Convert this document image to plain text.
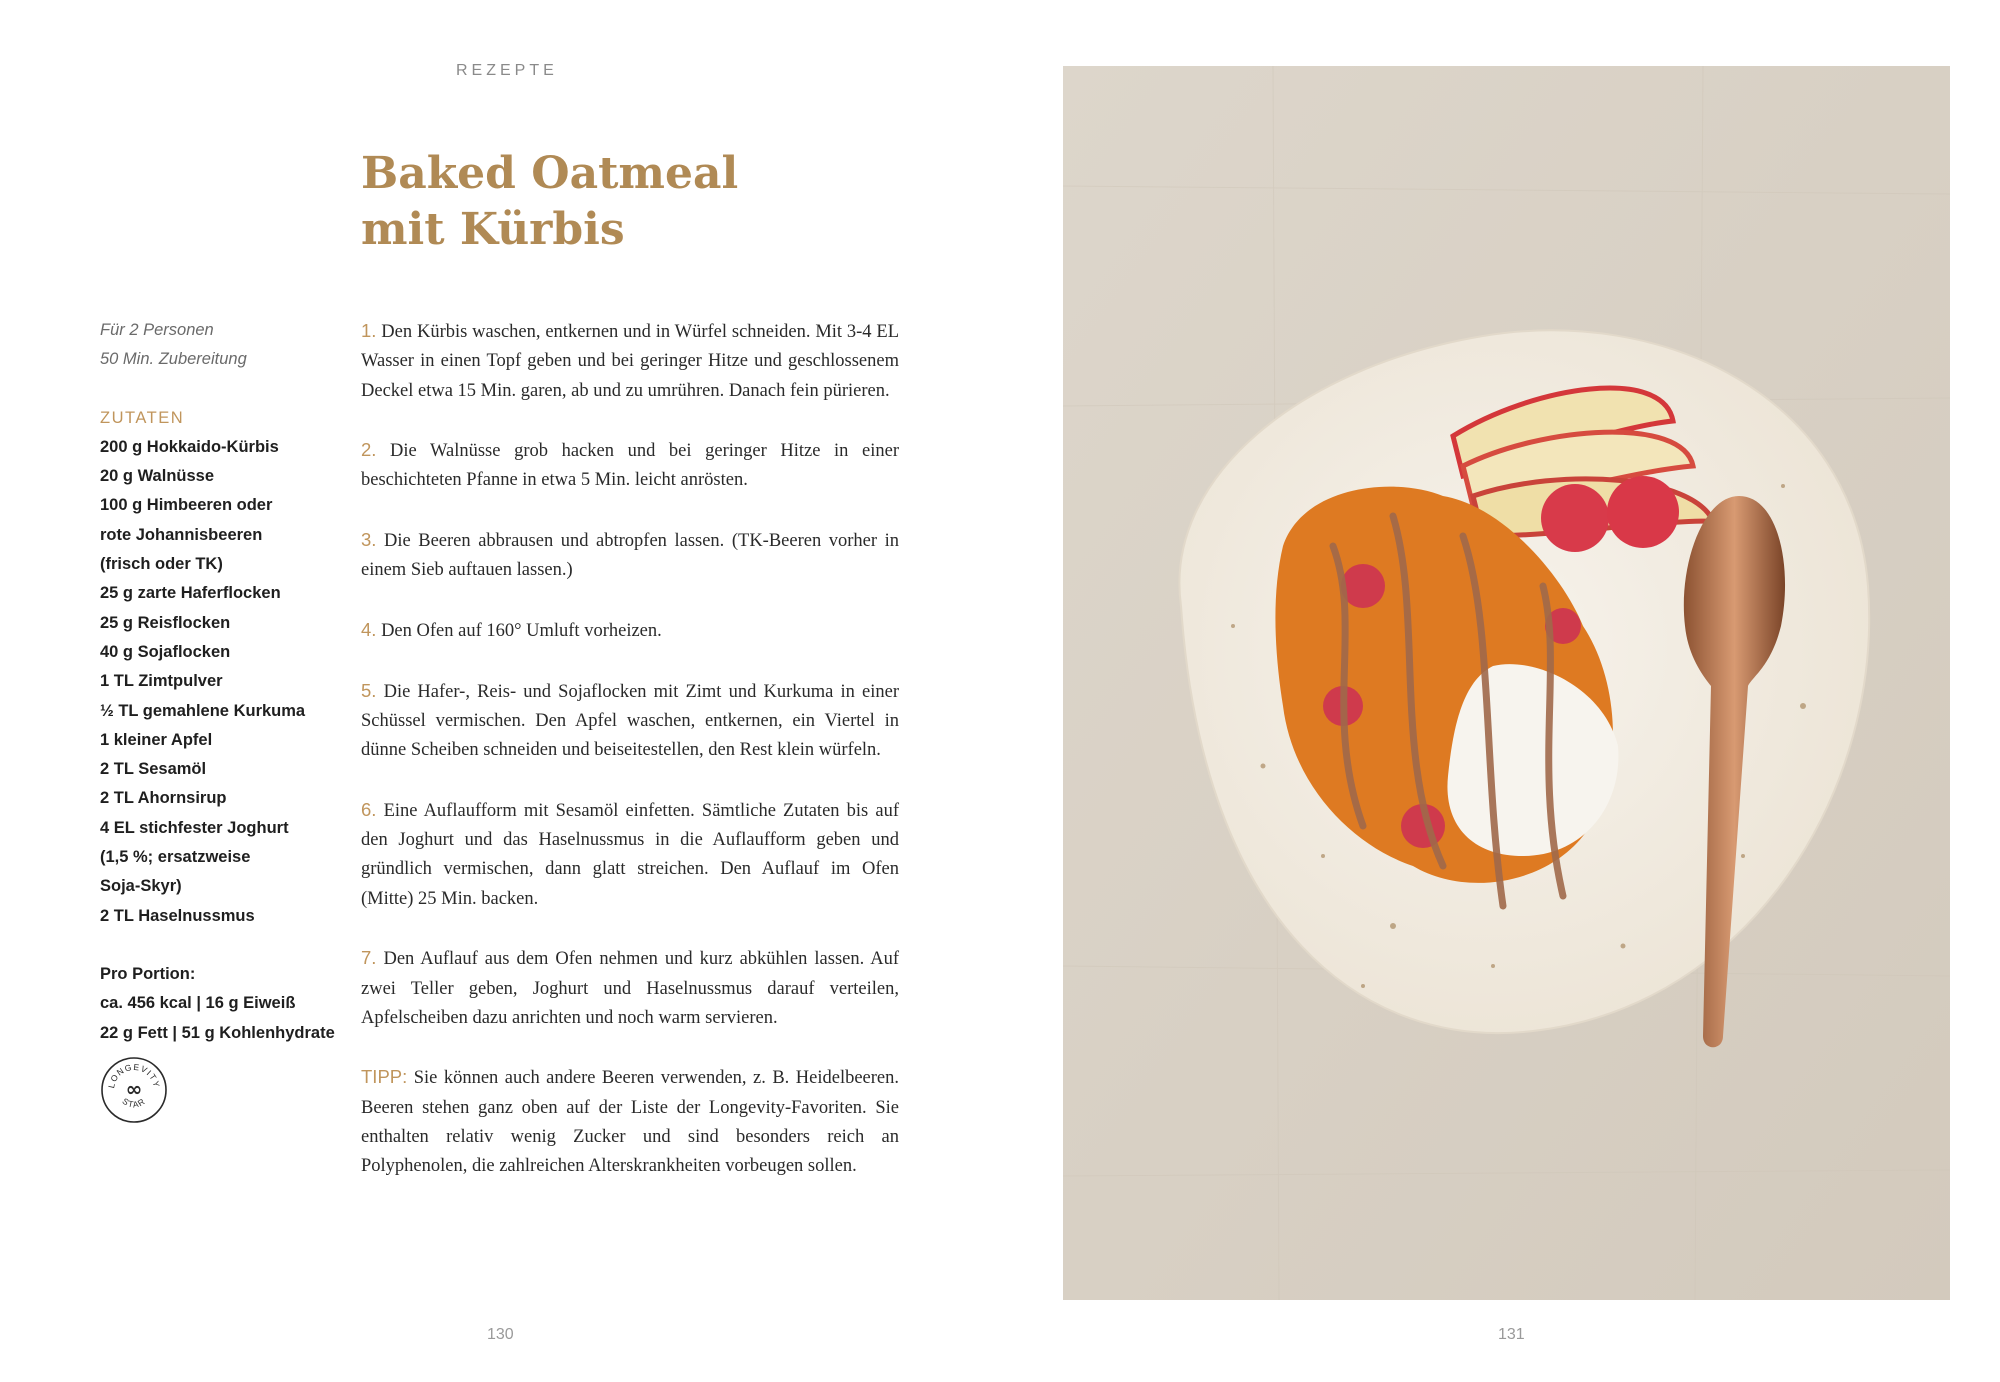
REZEPTE
Baked Oatmeal
mit Kürbis
Für 2 Personen
50 Min. Zubereitung
ZUTATEN
200 g Hokkaido-Kürbis
20 g Walnüsse
100 g Himbeeren oder
rote Johannisbeeren
(frisch oder TK)
25 g zarte Haferflocken
25 g Reisflocken
40 g Sojaflocken
1 TL Zimtpulver
½ TL gemahlene Kurkuma
1 kleiner Apfel
2 TL Sesamöl
2 TL Ahornsirup
4 EL stichfester Joghurt
(1,5 %; ersatzweise
Soja-Skyr)
2 TL Haselnussmus
Pro Portion:
ca. 456 kcal | 16 g Eiweiß
22 g Fett | 51 g Kohlenhydrate
LONGEVITY
∞
STAR

1. Den Kürbis waschen, entkernen und in Würfel schneiden. Mit 3-4 EL Wasser in einen Topf geben und bei geringer Hitze und geschlossenem Deckel etwa 15 Min. garen, ab und zu umrühren. Danach fein pürieren.

2. Die Walnüsse grob hacken und bei geringer Hitze in einer beschichteten Pfanne in etwa 5 Min. leicht anrösten.

3. Die Beeren abbrausen und abtropfen lassen. (TK-Beeren vorher in einem Sieb auftauen lassen.)

4. Den Ofen auf 160° Umluft vorheizen.

5. Die Hafer-, Reis- und Sojaflocken mit Zimt und Kurkuma in einer Schüssel vermischen. Den Apfel waschen, entkernen, ein Viertel in dünne Scheiben schneiden und beiseitestellen, den Rest klein würfeln.

6. Eine Auflaufform mit Sesamöl einfetten. Sämtliche Zutaten bis auf den Joghurt und das Haselnussmus in die Auflaufform geben und gründlich vermischen, dann glatt streichen. Den Auflauf im Ofen (Mitte) 25 Min. backen.

7. Den Auflauf aus dem Ofen nehmen und kurz abkühlen lassen. Auf zwei Teller geben, Joghurt und Haselnussmus darauf verteilen, Apfelscheiben dazu anrichten und noch warm servieren.

TIPP: Sie können auch andere Beeren verwenden, z. B. Heidelbeeren. Beeren stehen ganz oben auf der Liste der Longevity-Favoriten. Sie enthalten relativ wenig Zucker und sind besonders reich an Polyphenolen, die zahlreichen Alterskrankheiten vorbeugen sollen.

130	131
